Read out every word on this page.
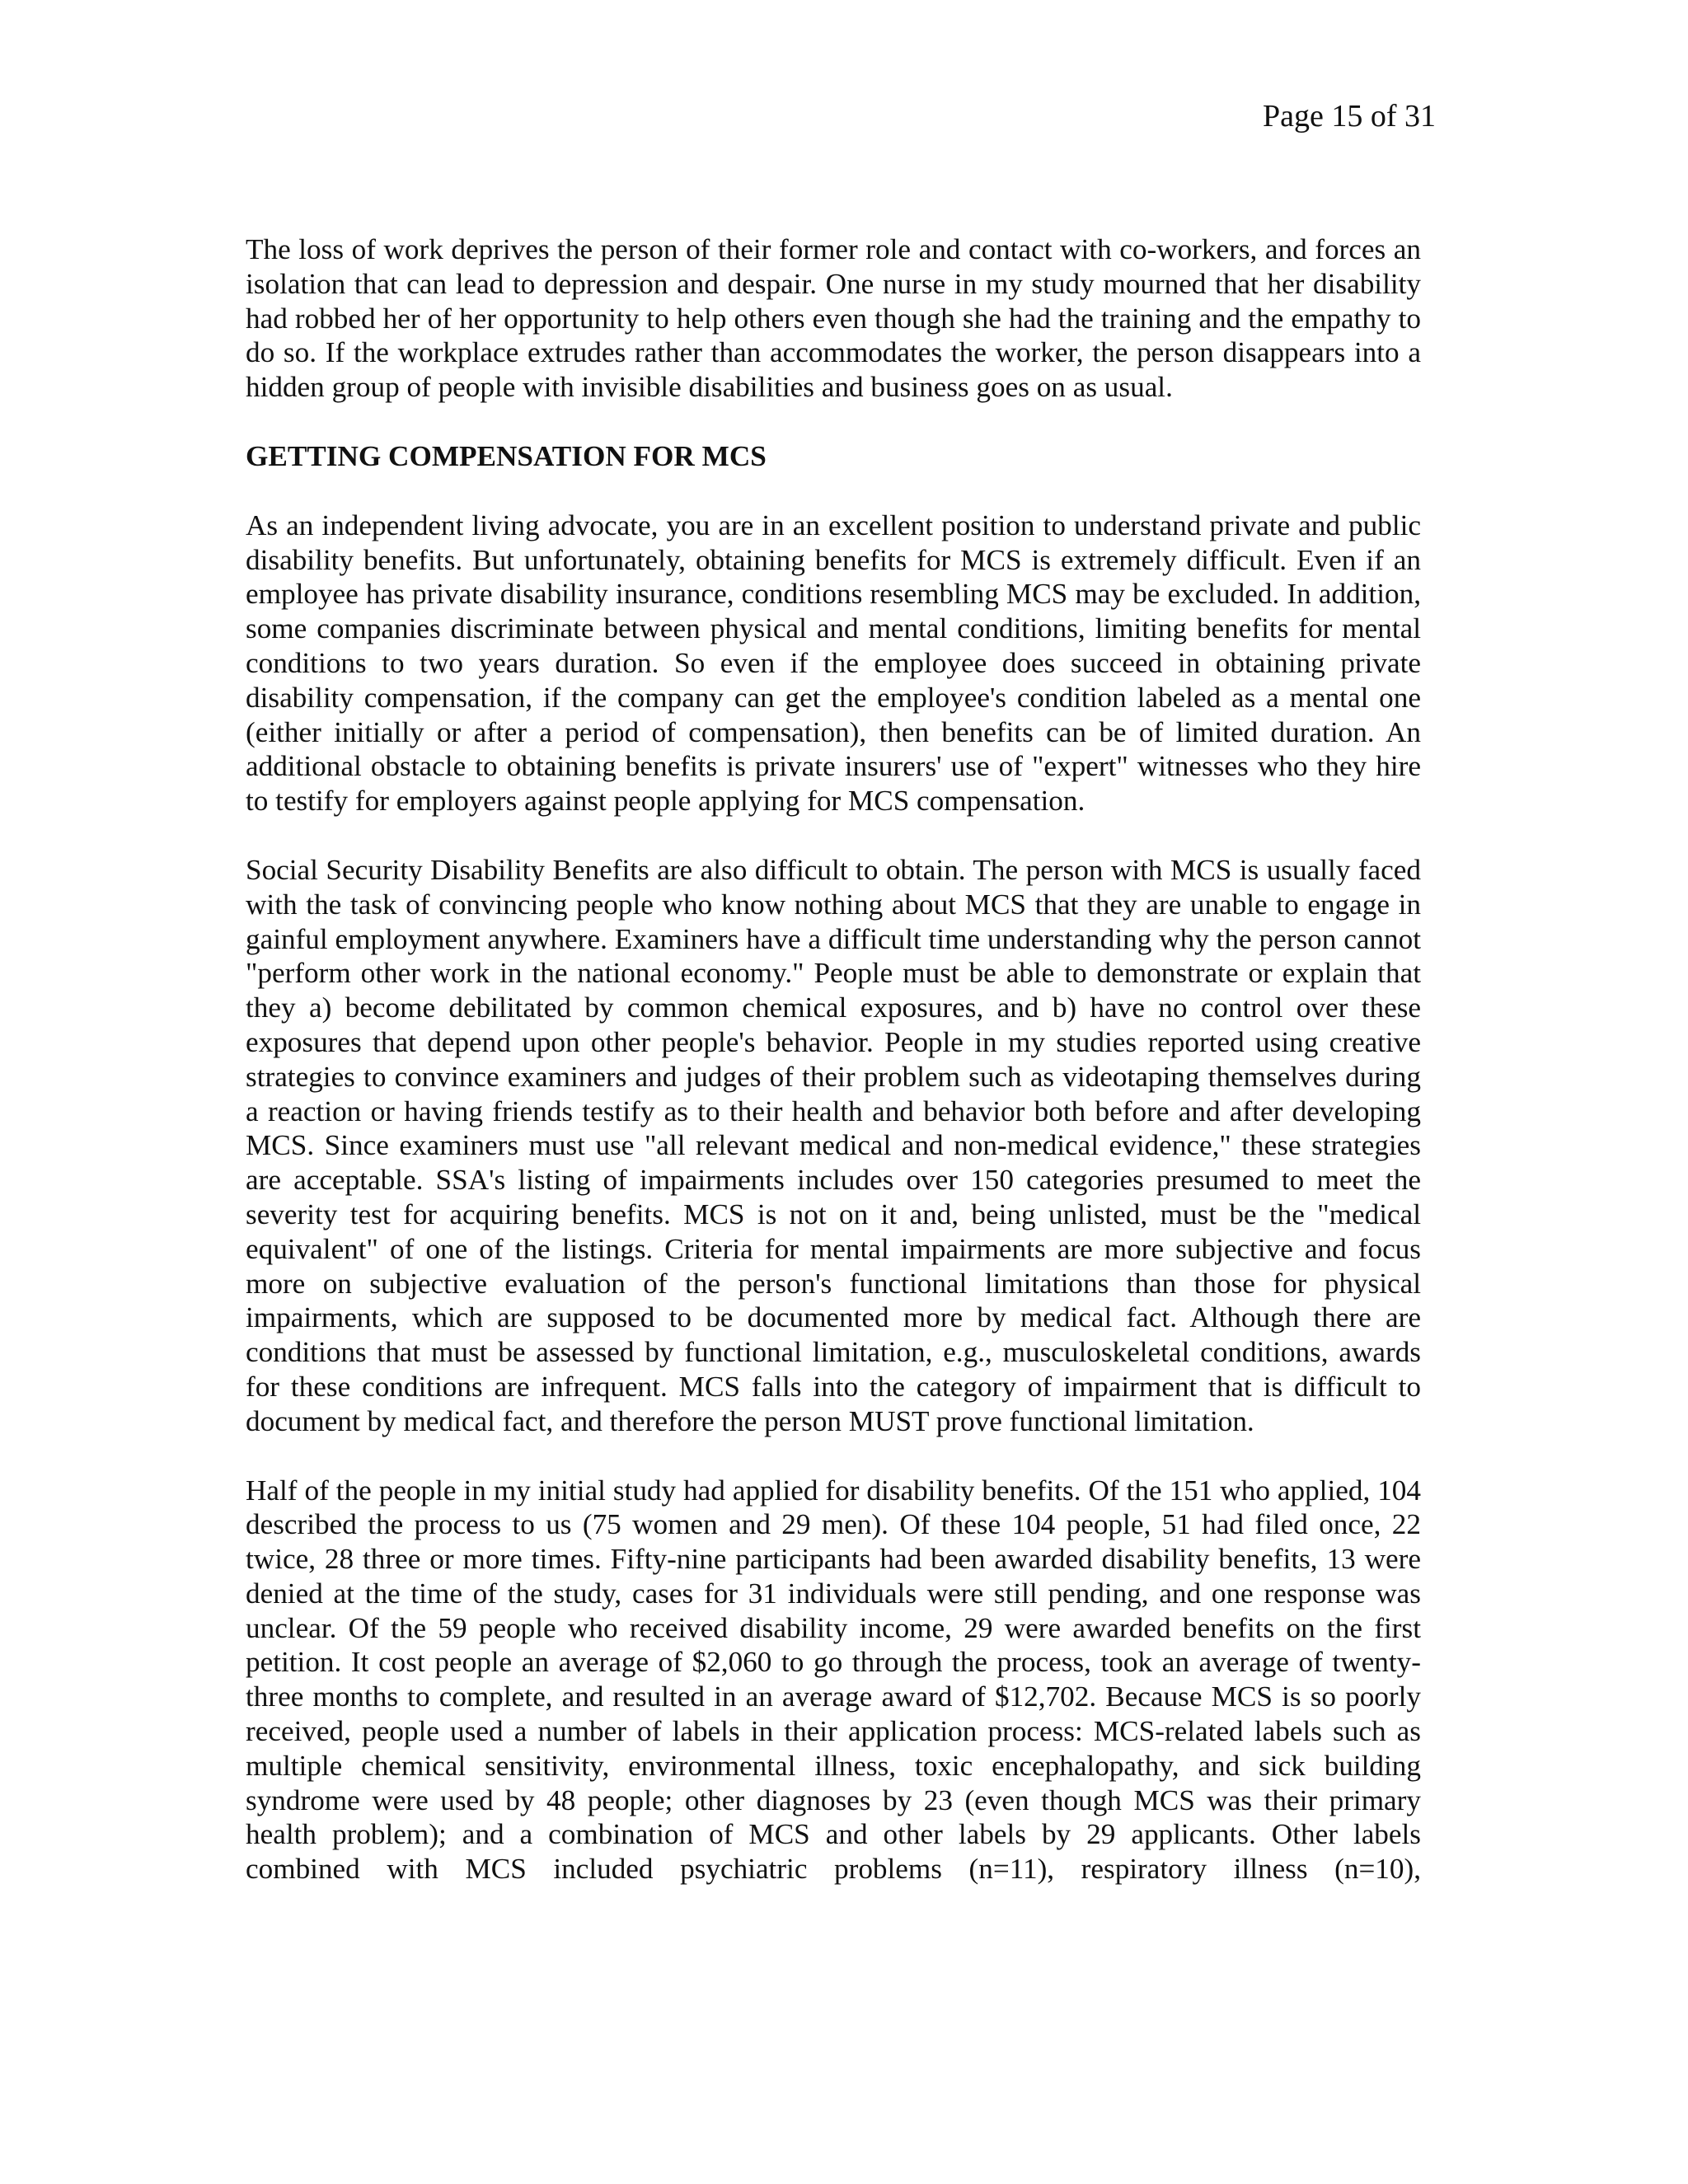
Page 15 of 31

The loss of work deprives the person of their former role and contact with co-workers, and forces an isolation that can lead to depression and despair. One nurse in my study mourned that her disability had robbed her of her opportunity to help others even though she had the training and the empathy to do so. If the workplace extrudes rather than accommodates the worker, the person disappears into a hidden group of people with invisible disabilities and business goes on as usual.

GETTING COMPENSATION FOR MCS

As an independent living advocate, you are in an excellent position to understand private and public disability benefits. But unfortunately, obtaining benefits for MCS is extremely difficult. Even if an employee has private disability insurance, conditions resembling MCS may be excluded. In addition, some companies discriminate between physical and mental conditions, limiting benefits for mental conditions to two years duration. So even if the employee does succeed in obtaining private disability compensation, if the company can get the employee's condition labeled as a mental one (either initially or after a period of compensation), then benefits can be of limited duration. An additional obstacle to obtaining benefits is private insurers' use of "expert" witnesses who they hire to testify for employers against people applying for MCS compensation.

Social Security Disability Benefits are also difficult to obtain. The person with MCS is usually faced with the task of convincing people who know nothing about MCS that they are unable to engage in gainful employment anywhere. Examiners have a difficult time understanding why the person cannot "perform other work in the national economy." People must be able to demonstrate or explain that they a) become debilitated by common chemical exposures, and b) have no control over these exposures that depend upon other people's behavior. People in my studies reported using creative strategies to convince examiners and judges of their problem such as videotaping themselves during a reaction or having friends testify as to their health and behavior both before and after developing MCS. Since examiners must use "all relevant medical and non-medical evidence," these strategies are acceptable. SSA's listing of impairments includes over 150 categories presumed to meet the severity test for acquiring benefits. MCS is not on it and, being unlisted, must be the "medical equivalent" of one of the listings. Criteria for mental impairments are more subjective and focus more on subjective evaluation of the person's functional limitations than those for physical impairments, which are supposed to be documented more by medical fact. Although there are conditions that must be assessed by functional limitation, e.g., musculoskeletal conditions, awards for these conditions are infrequent. MCS falls into the category of impairment that is difficult to document by medical fact, and therefore the person MUST prove functional limitation.

Half of the people in my initial study had applied for disability benefits. Of the 151 who applied, 104 described the process to us (75 women and 29 men). Of these 104 people, 51 had filed once, 22 twice, 28 three or more times. Fifty-nine participants had been awarded disability benefits, 13 were denied at the time of the study, cases for 31 individuals were still pending, and one response was unclear. Of the 59 people who received disability income, 29 were awarded benefits on the first petition. It cost people an average of $2,060 to go through the process, took an average of twenty-three months to complete, and resulted in an average award of $12,702. Because MCS is so poorly received, people used a number of labels in their application process: MCS-related labels such as multiple chemical sensitivity, environmental illness, toxic encephalopathy, and sick building syndrome were used by 48 people; other diagnoses by 23 (even though MCS was their primary health problem); and a combination of MCS and other labels by 29 applicants. Other labels combined with MCS included psychiatric problems (n=11), respiratory illness (n=10),
